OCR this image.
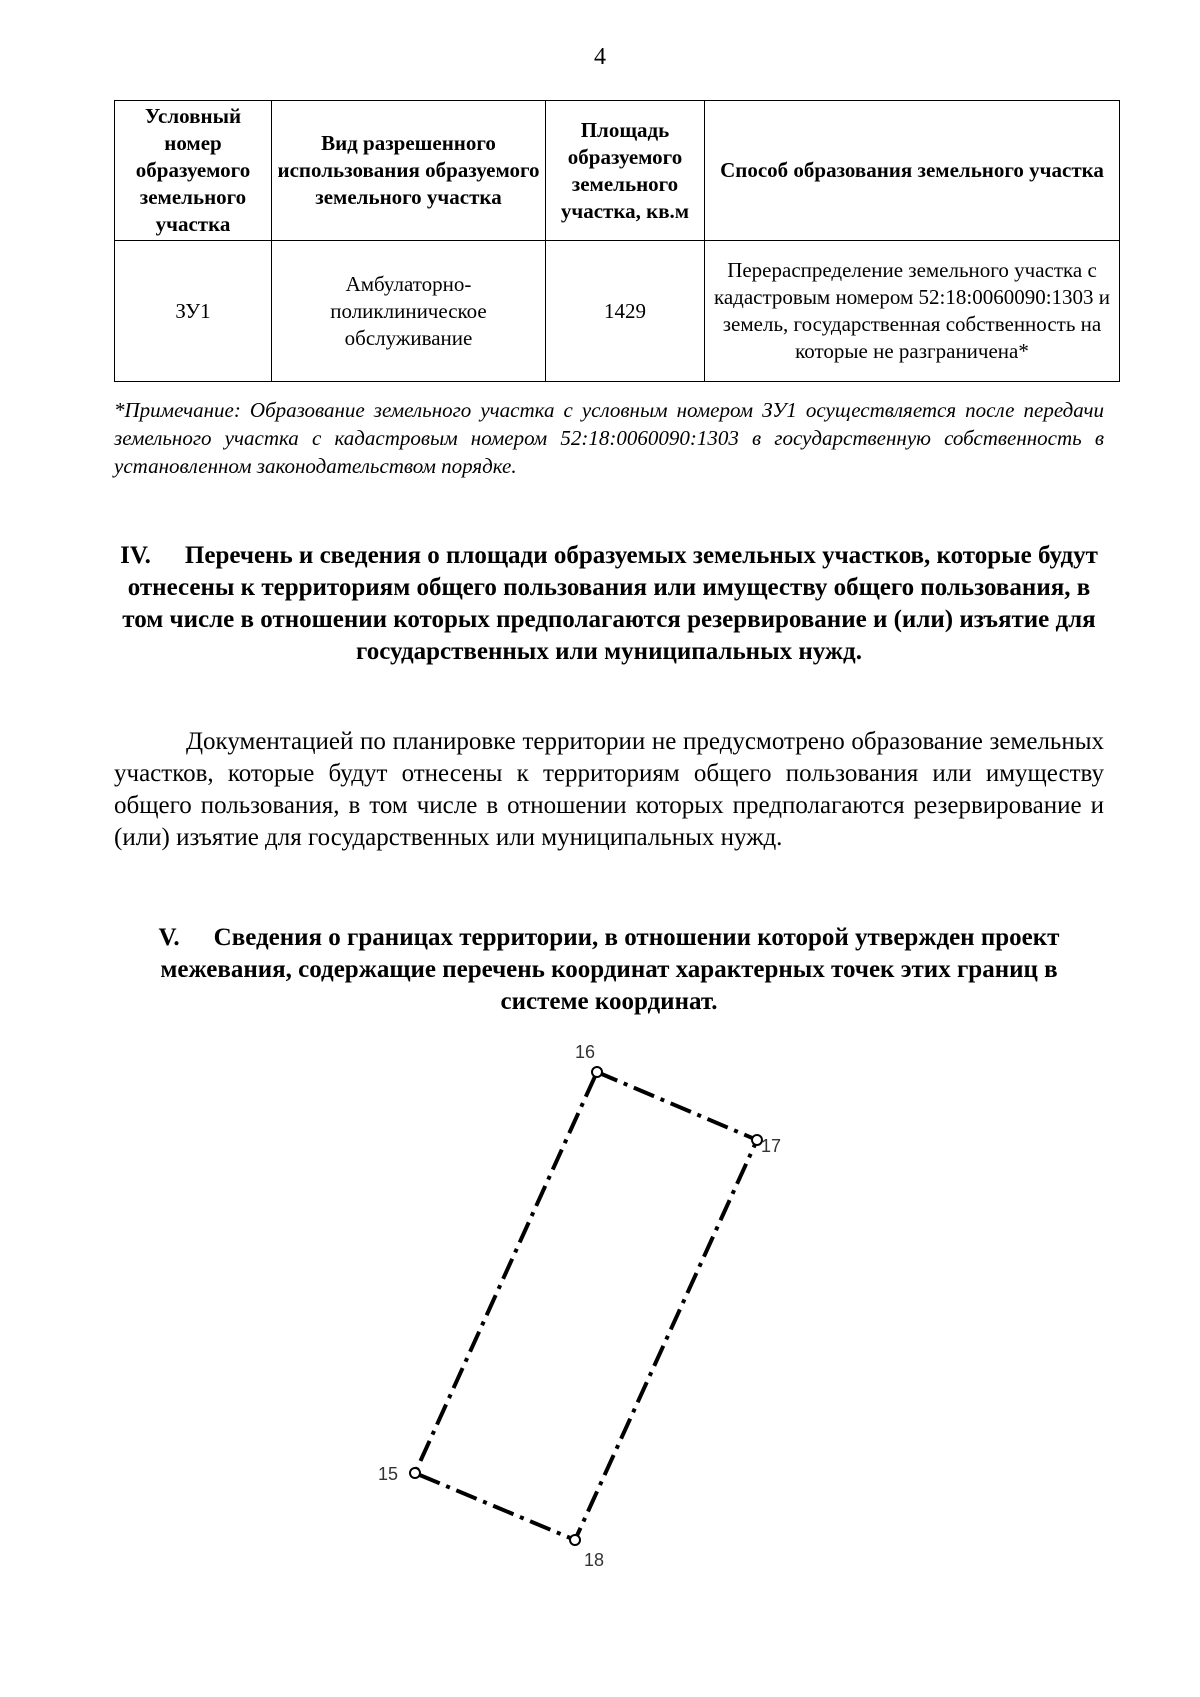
4
Условный номер образуемого земельного участка	Вид разрешенного использования образуемого земельного участка	Площадь образуемого земельного участка, кв.м	Способ образования земельного участка
ЗУ1	Амбулаторно-поликлиническое обслуживание	1429	Перераспределение земельного участка с кадастровым номером 52:18:0060090:1303 и земель, государственная собственность на которые не разграничена*
*Примечание: Образование земельного участка с условным номером ЗУ1 осуществляется после передачи земельного участка с кадастровым номером 52:18:0060090:1303 в государственную собственность в установленном законодательством порядке.
IV. Перечень и сведения о площади образуемых земельных участков, которые будут отнесены к территориям общего пользования или имуществу общего пользования, в том числе в отношении которых предполагаются резервирование и (или) изъятие для государственных или муниципальных нужд.
Документацией по планировке территории не предусмотрено образование земельных участков, которые будут отнесены к территориям общего пользования или имуществу общего пользования, в том числе в отношении которых предполагаются резервирование и (или) изъятие для государственных или муниципальных нужд.
V. Сведения о границах территории, в отношении которой утвержден проект межевания, содержащие перечень координат характерных точек этих границ в системе координат.
16
17
15
18
